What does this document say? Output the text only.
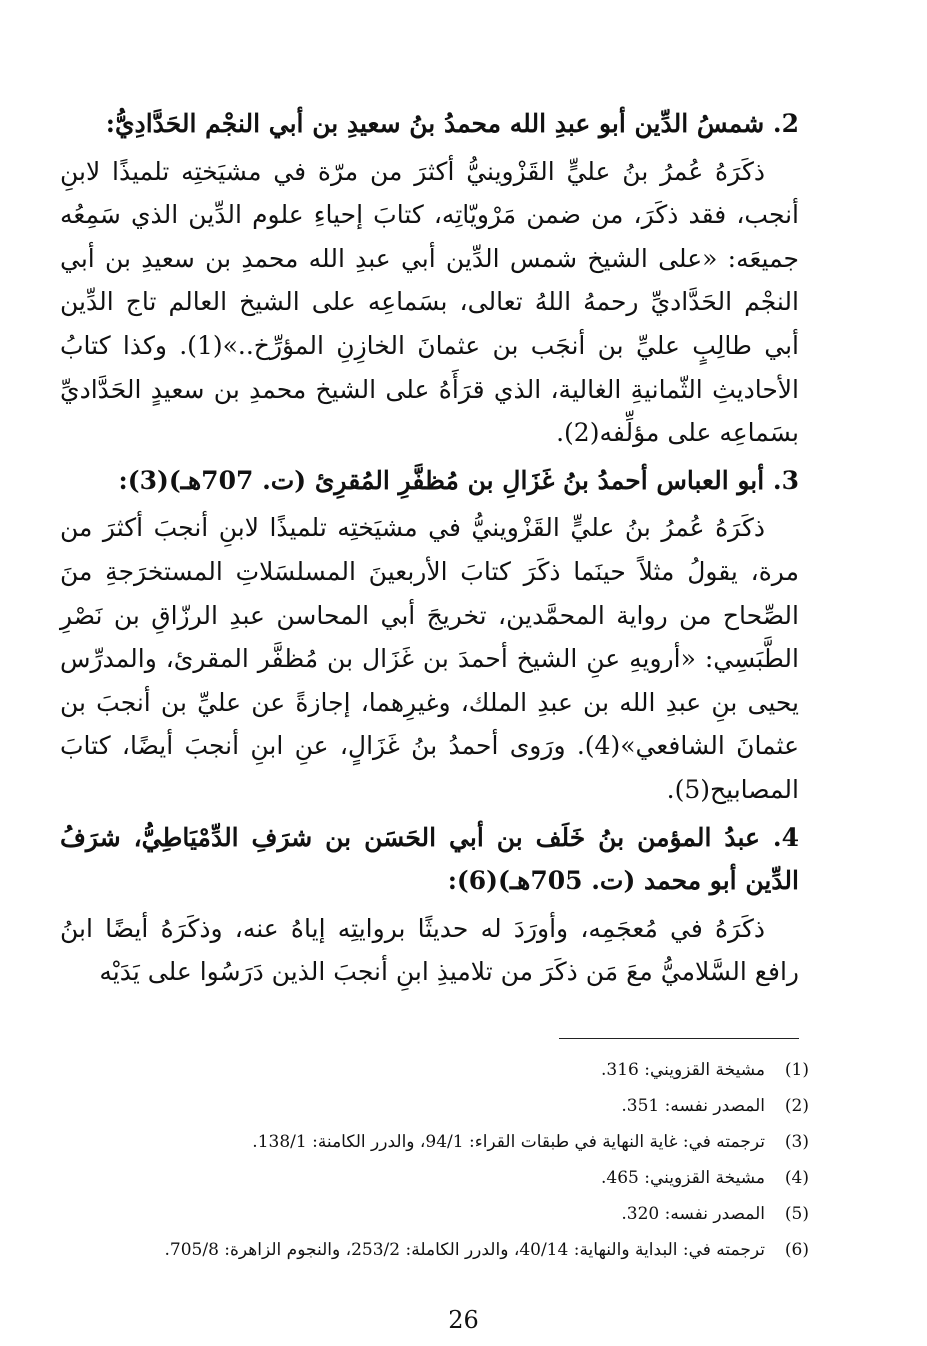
2. شمسُ الدِّين أبو عبدِ الله محمدُ بنُ سعيدِ بن أبي النجْم الحَدَّادِيُّ:

ذكَرَهُ عُمرُ بنُ عليٍّ القَزْوينيُّ أكثرَ من مرّة في مشيَختِه تلميذًا لابنِ أنجب، فقد ذكَرَ، من ضمن مَرْويّاتِه، كتابَ إحياءِ علوم الدِّين الذي سَمِعُه جميعَه: «على الشيخ شمس الدِّين أبي عبدِ الله محمدِ بن سعيدِ بن أبي النجْم الحَدَّاديِّ رحمهُ اللهُ تعالى، بسَماعِه على الشيخ العالم تاج الدِّين أبي طالِبٍ عليِّ بن أنجَب بن عثمانَ الخازِنِ المؤرِّخ..»(1). وكذا كتابُ الأحاديثِ الثّمانيةِ الغالية، الذي قرَأَهُ على الشيخ محمدِ بن سعيدٍ الحَدَّاديِّ بسَماعِه على مؤلِّفه(2).

3. أبو العباس أحمدُ بنُ غَزَالِ بن مُظفَّرِ المُقرِئ (ت. 707هـ)(3):

ذكَرَهُ عُمرُ بنُ عليٍّ القَزْوينيُّ في مشيَختِه تلميذًا لابنِ أنجبَ أكثرَ من مرة، يقولُ مثلاً حينَما ذكَرَ كتابَ الأربعينَ المسلسَلاتِ المستخرَجةِ منَ الصِّحاح من رواية المحمَّدين، تخريجَ أبي المحاسن عبدِ الرزّاقِ بن نَصْرِ الطَّبَسِي: «أرويهِ عنِ الشيخ أحمدَ بن غَزَال بن مُظفَّر المقرئ، والمدرِّس يحيى بنِ عبدِ الله بن عبدِ الملك، وغيرِهما، إجازةً عن عليِّ بن أنجبَ بن عثمانَ الشافعي»(4). ورَوى أحمدُ بنُ غَزَالٍ، عنِ ابنِ أنجبَ أيضًا، كتابَ المصابيح(5).

4. عبدُ المؤمن بنُ خَلَف بن أبي الحَسَن بن شرَفِ الدِّمْيَاطِيُّ، شرَفُ الدِّين أبو محمد (ت. 705هـ)(6):

ذكَرَهُ في مُعجَمِه، وأورَدَ له حديثًا بروايتِه إياهُ عنه، وذكَرَهُ أيضًا ابنُ رافع السَّلاميُّ معَ مَن ذكَرَ من تلاميذِ ابنِ أنجبَ الذين دَرَسُوا على يَدَيْه

(1)
مشيخة القزويني: 316.
(2)
المصدر نفسه: 351.
(3)
ترجمته في: غاية النهاية في طبقات القراء: 94/1، والدرر الكامنة: 138/1.
(4)
مشيخة القزويني: 465.
(5)
المصدر نفسه: 320.
(6)
ترجمته في: البداية والنهاية: 40/14، والدرر الكاملة: 253/2، والنجوم الزاهرة: 705/8.
26
